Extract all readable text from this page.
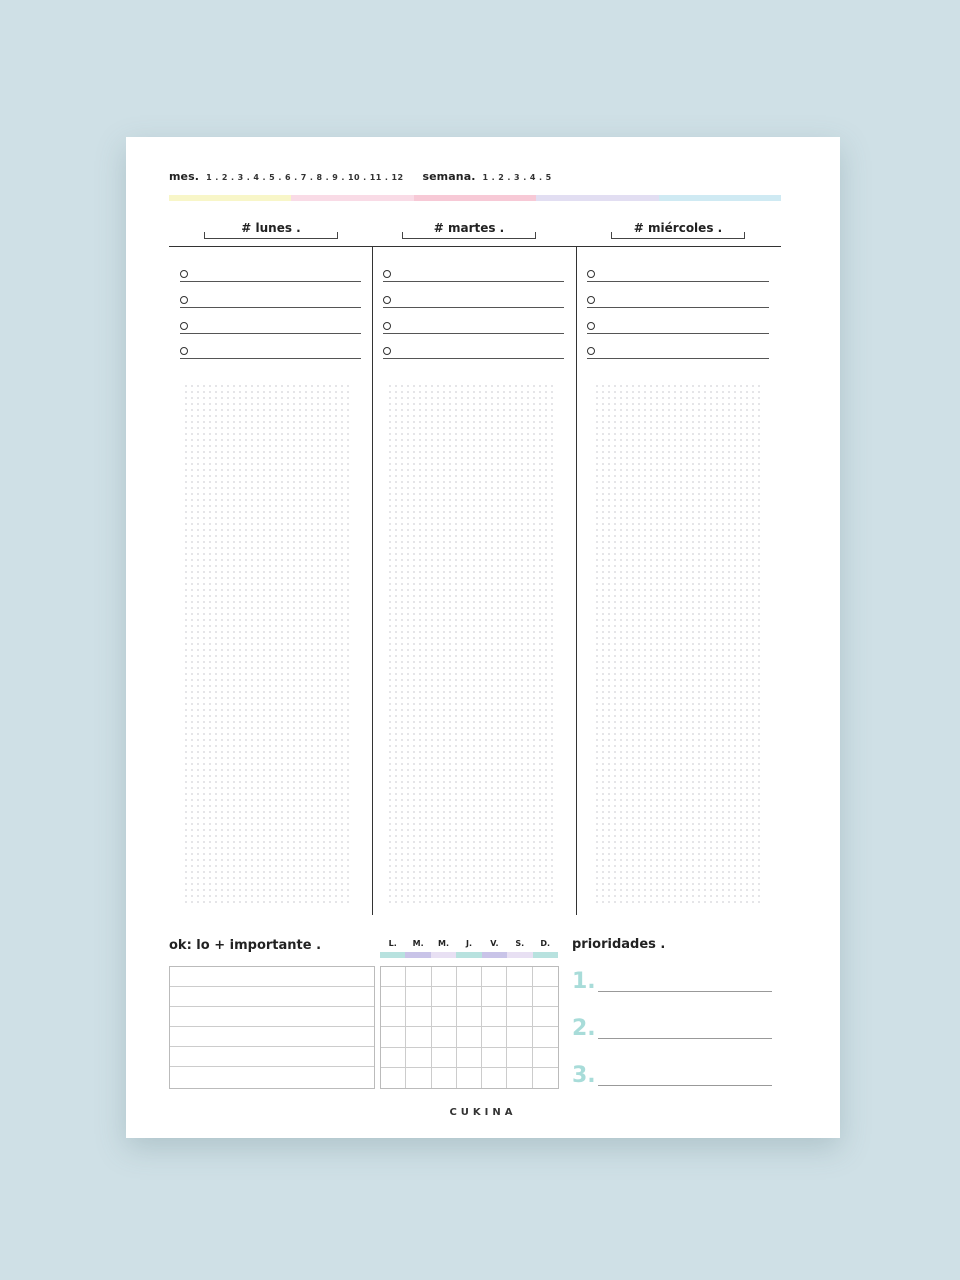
mes. 1 . 2 . 3 . 4 . 5 . 6 . 7 . 8 . 9 . 10 . 11 . 12 semana. 1 . 2 . 3 . 4 . 5
# lunes .	# martes .	# miércoles .
ok: lo + importante .	L.	M.	M.	J.	V.	S.	D.	prioridades .
1.
2.
3.
CUKINA
